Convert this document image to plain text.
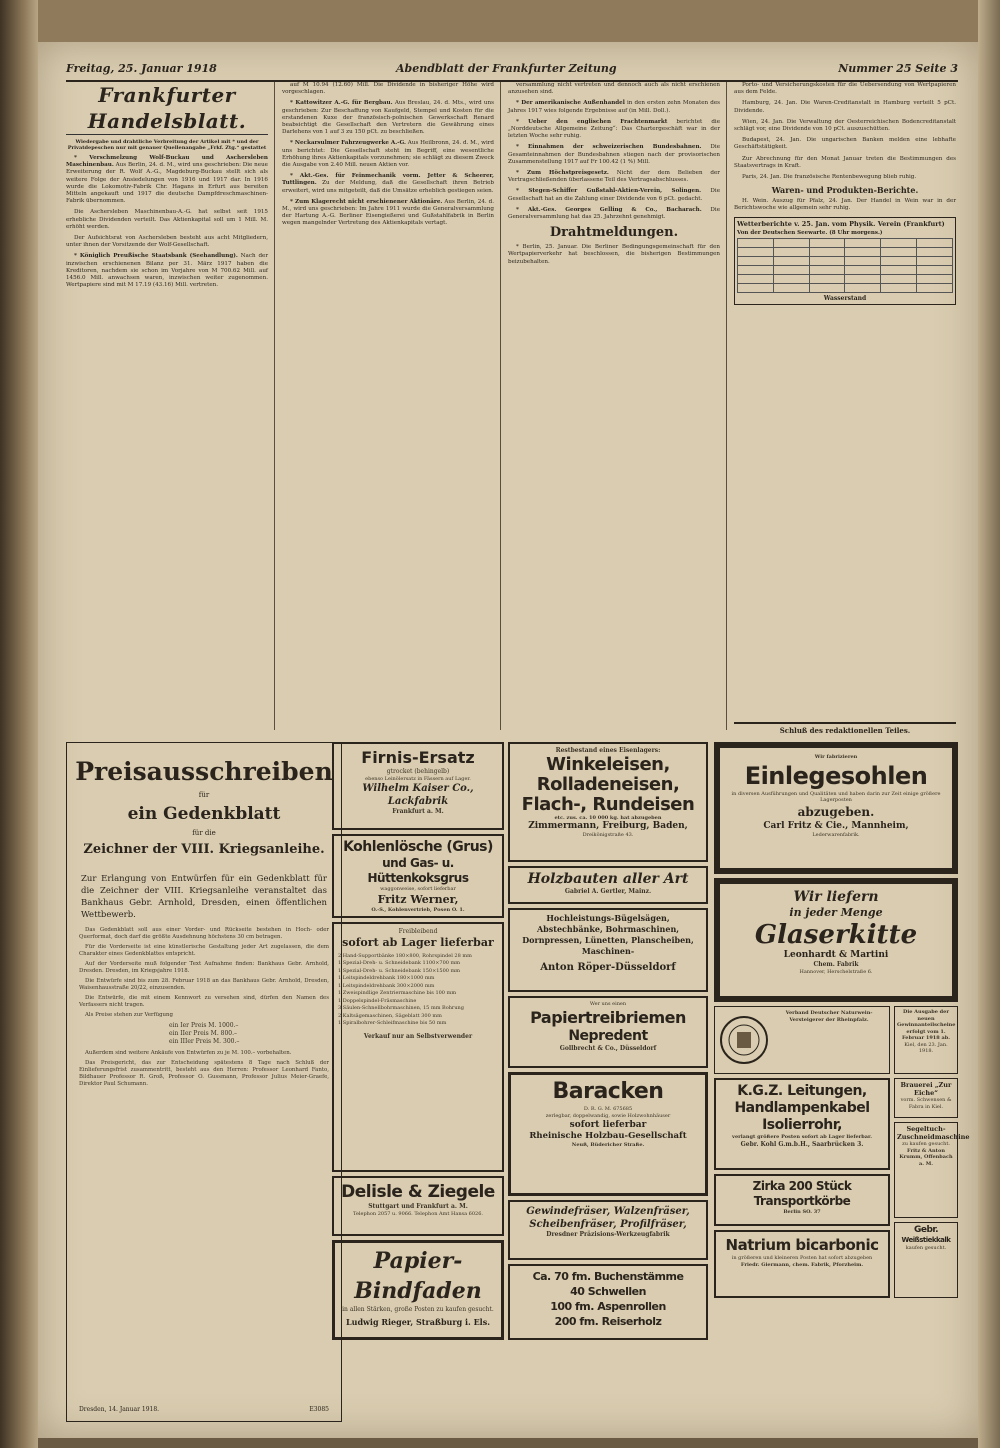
Freitag, 25. Januar 1918	Abendblatt der Frankfurter Zeitung	Nummer 25 Seite 3
Frankfurter Handelsblatt.
Wiedergabe und drahtliche Verbreitung der Artikel mit * und der Privatdepeschen nur mit genauer Quellenangabe „Frkf. Ztg.“ gestattet

* Verschmelzung Wolf-Buckau und Aschersleben Maschinenbau. Aus Berlin, 24. d. M., wird uns geschrieben: Die neue Erweiterung der R. Wolf A.-G., Magdeburg-Buckau stellt sich als weitere Folge der Ansiedelungen von 1916 und 1917 dar. In 1916 wurde die Lokomotiv-Fabrik Chr. Hagans in Erfurt aus bereiten Mitteln angekauft und 1917 die deutsche Dampfdreschmaschinen-Fabrik übernommen.

Die Aschersleben Maschinenbau-A.-G. hat selbst seit 1915 erhebliche Dividenden verteilt. Das Aktienkapital soll um 1 Mill. M. erhöht werden.

Der Aufsichtsrat von Aschersleben besteht aus acht Mitgliedern, unter ihnen der Vorsitzende der Wolf-Gesellschaft.

* Königlich Preußische Staatsbank (Seehandlung). Nach der inzwischen erschienenen Bilanz per 31. März 1917 haben die Kreditoren, nachdem sie schon im Vorjahre von M 700.62 Mill. auf 1456.0 Mill. anwachsen waren, inzwischen weiter zugenommen. Wertpapiere sind mit M 17.19 (43.16) Mill. vertreten.

auf M 10.94 (12.60) Mill. Die Dividende in bisheriger Höhe wird vorgeschlagen.

* Kattowitzer A.-G. für Bergbau. Aus Breslau, 24. d. Mts., wird uns geschrieben: Zur Beschaffung von Kaufgeld, Stempel und Kosten für die erstandenen Kuxe der französisch-polnischen Gewerkschaft Renard beabsichtigt die Gesellschaft den Vertretern die Gewährung eines Darlehens von 1 auf 3 zu 150 pCt. zu beschließen.

* Neckarsulmer Fahrzeugwerke A.-G. Aus Heilbronn, 24. d. M., wird uns berichtet: Die Gesellschaft steht im Begriff, eine wesentliche Erhöhung ihres Aktienkapitals vorzunehmen; sie schlägt zu diesem Zweck die Ausgabe von 2.40 Mill. neuen Aktien vor.

* Akt.-Ges. für Feinmechanik vorm. Jetter & Scheerer, Tuttlingen. Zu der Meldung, daß die Gesellschaft ihren Betrieb erweitert, wird uns mitgeteilt, daß die Umsätze erheblich gestiegen seien.

* Zum Klagerecht nicht erschienener Aktionäre. Aus Berlin, 24. d. M., wird uns geschrieben: Im Jahre 1911 wurde die Generalversammlung der Hartung A.-G. Berliner Eisengießerei und Gußstahlfabrik in Berlin wegen mangelnder Vertretung des Aktienkapitals vertagt.

versammlung nicht vertreten und dennoch auch als nicht erschienen anzusehen sind.

* Der amerikanische Außenhandel in den ersten zehn Monaten des Jahres 1917 wies folgende Ergebnisse auf (in Mill. Doll.).

* Ueber den englischen Frachtenmarkt berichtet die „Norddeutsche Allgemeine Zeitung“: Das Chartergeschäft war in der letzten Woche sehr ruhig.

* Einnahmen der schweizerischen Bundesbahnen. Die Gesamteinnahmen der Bundesbahnen stiegen nach der provisorischen Zusammenstellung 1917 auf Fr 100.42 (1 %) Mill.

* Zum Höchstpreisgesetz. Nicht der dem Belieben der Vertragschließenden überlassene Teil des Vertragsabschlusses.

* Stegen-Schiffer Gußstahl-Aktien-Verein, Solingen. Die Gesellschaft hat an die Zahlung einer Dividende von 6 pCt. gedacht.

* Akt.-Ges. Georges Gelling & Co., Bacharach. Die Generalversammlung hat das 25. Jahrzehnt genehmigt.

Drahtmeldungen.

* Berlin, 25. Januar. Die Berliner Bedingungsgemeinschaft für den Wertpapierverkehr hat beschlossen, die bisherigen Bestimmungen beizubehalten.

Porto- und Versicherungskosten für die Uebersendung von Wertpapieren aus dem Felde.

Hamburg, 24. Jan. Die Waren-Creditanstalt in Hamburg verteilt 5 pCt. Dividende.

Wien, 24. Jan. Die Verwaltung der Oesterreichischen Bodencreditanstalt schlägt vor, eine Dividende von 10 pCt. auszuschütten.

Budapest, 24. Jan. Die ungarischen Banken melden eine lebhafte Geschäftstätigkeit.

Zur Abrechnung für den Monat Januar treten die Bestimmungen des Staatsvertrags in Kraft.

Paris, 24. Jan. Die französische Rentenbewegung blieb ruhig.

Waren- und Produkten-Berichte.

H. Wein. Auszug für Pfalz, 24. Jan. Der Handel in Wein war in der Berichtswoche wie allgemein sehr ruhig.

Wetterberichte v. 25. Jan. vom Physik. Verein (Frankfurt)
Von der Deutschen Seewarte. (8 Uhr morgens.)

Wasserstand
Schluß des redaktionellen Teiles.
Preisausschreiben
für
ein Gedenkblatt
für die
Zeichner der VIII. Kriegsanleihe.
Zur Erlangung von Entwürfen für ein Gedenkblatt für die Zeichner der VIII. Kriegsanleihe veranstaltet das Bankhaus Gebr. Arnhold, Dresden, einen öffentlichen Wettbewerb.

Das Gedenkblatt soll aus einer Vorder- und Rückseite bestehen in Hoch- oder Querformat, doch darf die größte Ausdehnung höchstens 30 cm betragen.

Für die Vorderseite ist eine künstlerische Gestaltung jeder Art zugelassen, die dem Charakter eines Gedenkblattes entspricht.

Auf der Vorderseite muß folgender Text Aufnahme finden: Bankhaus Gebr. Arnhold, Dresden. Dresden, im Kriegsjahre 1918.

Die Entwürfe sind bis zum 28. Februar 1918 an das Bankhaus Gebr. Arnhold, Dresden, Waisenhausstraße 20/22, einzusenden.

Die Entwürfe, die mit einem Kennwort zu versehen sind, dürfen den Namen des Verfassers nicht tragen.

Als Preise stehen zur Verfügung

ein Ier Preis M. 1000.–
ein IIer Preis M. 800.–
ein IIIer Preis M. 300.–

Außerdem sind weitere Ankäufe von Entwürfen zu je M. 100.– vorbehalten.

Das Preisgericht, das zur Entscheidung spätestens 8 Tage nach Schluß der Einlieferungsfrist zusammentritt, besteht aus den Herren: Professor Leonhard Fanto, Bildhauer Professor R. Groß, Professor O. Gussmann, Professor Julius Meier-Graefe, Direktor Paul Schumann.

Dresden, 14. Januar 1918.	E3085
Firnis-Ersatz
gtrocket (behingelb)
ebenso Leinölersatz in Fässern auf Lager.
Wilhelm Kaiser Co., Lackfabrik
Frankfurt a. M.
Kohlenlösche (Grus)
und Gas- u. Hüttenkoksgrus
waggonweise, sofort lieferbar
Fritz Werner,
O.-S., Kohlenvertrieb, Posen O. 1.
Freibleibend
sofort ab Lager lieferbar
2 Hand-Supportbänke 180×800, Rohrspindel 28 mm
1 Spezial-Dreh- u. Schneidebank 1100×700 mm
1 Spezial-Dreh- u. Schneidebank 150×1500 mm
1 Leitspindeldrehbank 180×1000 mm
1 Leitspindeldrehbank 300×2000 mm
1 Zweispindlige Zentriermaschine bis 100 mm
1 Doppelspindel-Fräsmaschine
3 Säulen-Schnellbohrmaschinen, 15 mm Bohrung
2 Kaltsägemaschinen, Sägeblatt 300 mm
1 Spiralbohrer-Schleifmaschine bis 50 mm
Verkauf nur an Selbstverwender
Delisle & Ziegele
Stuttgart und Frankfurt a. M.
Telephon 2057 u. 9066. Telephon Amt Hansa 6026.
Papier-Bindfaden
in allen Stärken, große Posten zu kaufen gesucht.
Ludwig Rieger, Straßburg i. Els.
Restbestand eines Eisenlagers:
Winkeleisen,
Rolladeneisen,
Flach-, Rundeisen
etc. zus. ca. 10 000 kg. hat abzugeben
Zimmermann, Freiburg, Baden,
Dreikönigstraße 43.
Holzbauten aller Art
Gabriel A. Gertler, Mainz.
Hochleistungs-Bügelsägen, Abstechbänke, Bohrmaschinen, Dornpressen, Lünetten, Planscheiben, Maschinen-
Anton Röper-Düsseldorf
Wer uns einen
Papiertreibriemen
Nepredent
Gollbrecht & Co., Düsseldorf
Baracken
D. R. G. M. 675685
zerlegbar, doppelwandig, sowie Holzwohnhäuser
sofort lieferbar
Rheinische Holzbau-Gesellschaft
Neuß, Büdericher Straße.
Gewindefräser, Walzenfräser, Scheibenfräser, Profilfräser,
Dresdner Präzisions-Werkzeugfabrik
Ca. 70 fm. Buchenstämme
40 Schwellen
100 fm. Aspenrollen
200 fm. Reiserholz
Wir fabrizieren
Einlegesohlen
in diversen Ausführungen und Qualitäten und haben darin zur Zeit einige größere Lagerposten
abzugeben.
Carl Fritz & Cie., Mannheim,
Lederwarenfabrik.
Wir liefern
in jeder Menge
Glaserkitte
Leonhardt & Martini
Chem. Fabrik
Hannover, Herschelstraße 6.
Verband Deutscher Naturwein-Versteigerer der Rheinpfalz.
Die Ausgabe der neuen Gewinnanteilscheine erfolgt vom 1. Februar 1918 ab.
Kiel, den 23. Jan. 1918.
Brauerei „Zur Eiche“
vorm. Schwensen & Fabra in Kiel.
K.G.Z. Leitungen,
Handlampenkabel
Isolierrohr,
verlangt größere Posten sofort ab Lager lieferbar.
Gebr. Kohl G.m.b.H., Saarbrücken 3.
Segeltuch-Zuschneidmaschine
zu kaufen gesucht.
Fritz & Anton Krumm, Offenbach a. M.
Zirka 200 Stück Transportkörbe
Berlin SO. 37
Natrium bicarbonic
in größeren und kleineren Posten hat sofort abzugeben
Friedr. Giermann, chem. Fabrik, Pforzheim.
Gebr.
Weißstiekkalk
kaufen gesucht.
